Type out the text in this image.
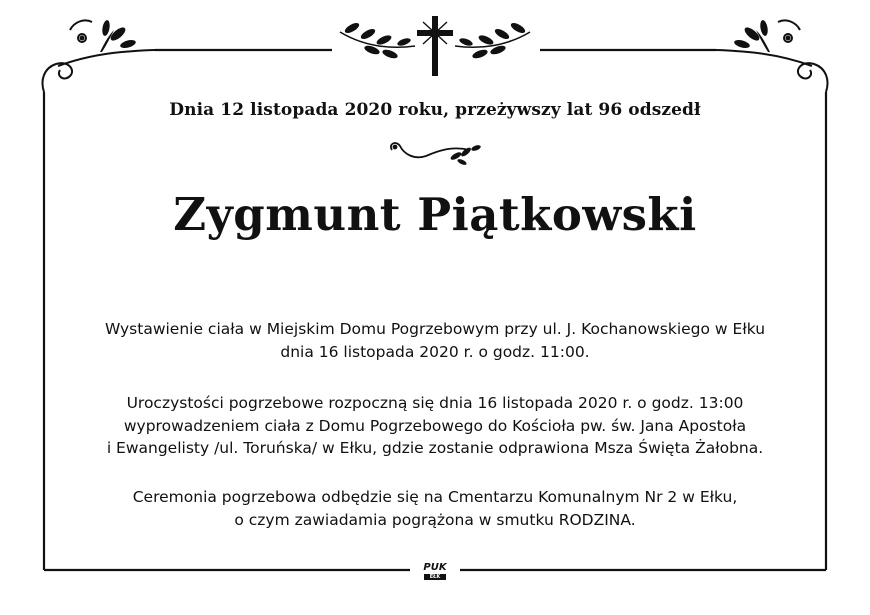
Dnia 12 listopada 2020 roku, przeżywszy lat 96 odszedł
Zygmunt Piątkowski
Wystawienie ciała w Miejskim Domu Pogrzebowym przy ul. J. Kochanowskiego w Ełku
dnia 16 listopada 2020 r. o godz. 11:00.
Uroczystości pogrzebowe rozpoczną się dnia 16 listopada 2020 r. o godz. 13:00
wyprowadzeniem ciała z Domu Pogrzebowego do Kościoła pw. św. Jana Apostoła
i Ewangelisty /ul. Toruńska/ w Ełku, gdzie zostanie odprawiona Msza Święta Żałobna.
Ceremonia pogrzebowa odbędzie się na Cmentarzu Komunalnym Nr 2 w Ełku,
o czym zawiadamia pogrążona w smutku RODZINA.
PUK
EŁK
